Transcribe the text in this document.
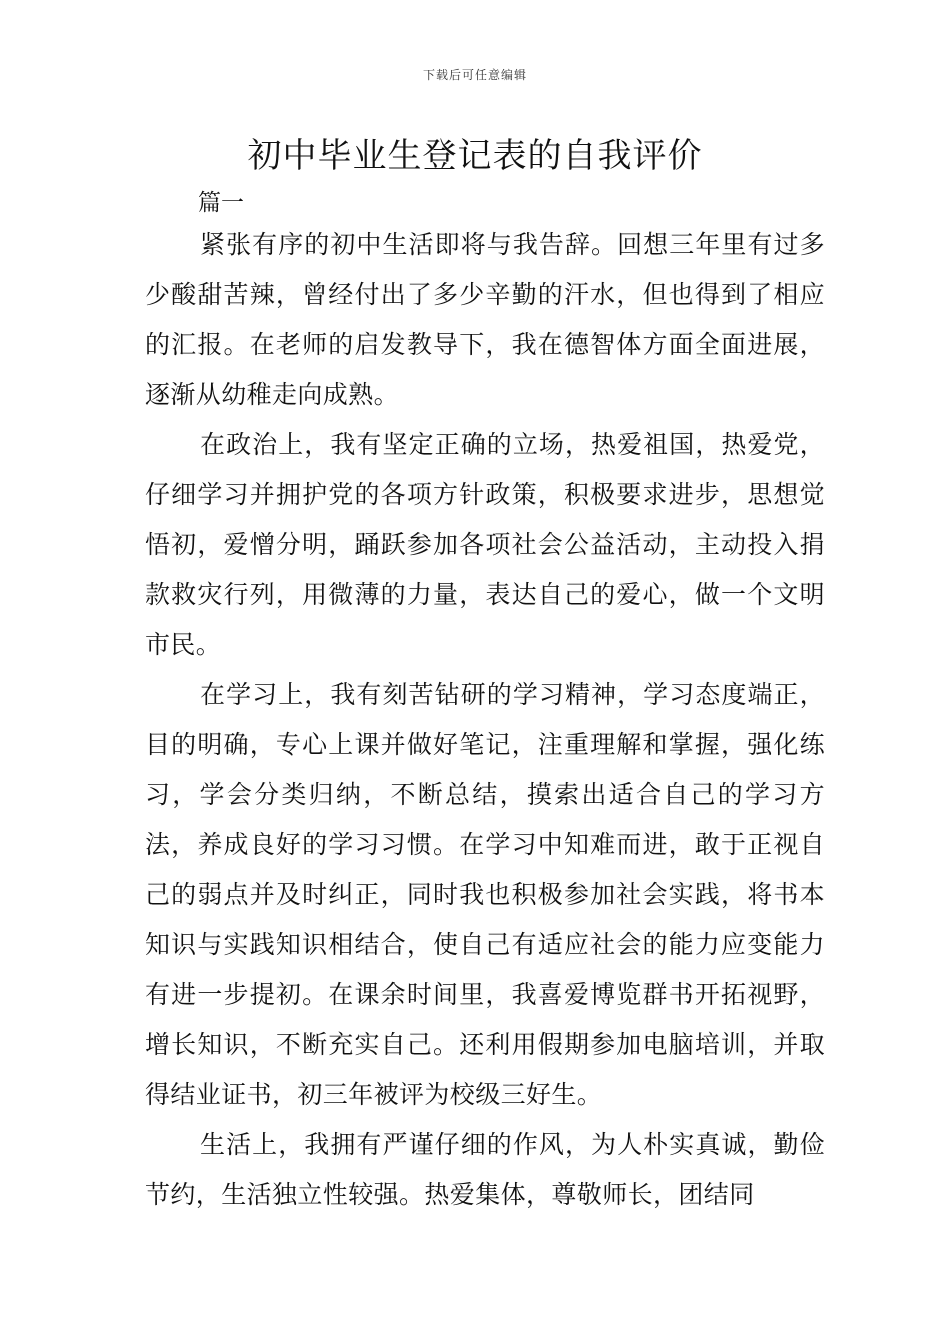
下载后可任意编辑
初中毕业生登记表的自我评价

篇一

紧张有序的初中生活即将与我告辞。回想三年里有过多少酸甜苦辣，曾经付出了多少辛勤的汗水，但也得到了相应的汇报。在老师的启发教导下，我在德智体方面全面进展，逐渐从幼稚走向成熟。

在政治上，我有坚定正确的立场，热爱祖国，热爱党，仔细学习并拥护党的各项方针政策，积极要求进步，思想觉悟初，爱憎分明，踊跃参加各项社会公益活动，主动投入捐款救灾行列，用微薄的力量，表达自己的爱心，做一个文明市民。

在学习上，我有刻苦钻研的学习精神，学习态度端正，目的明确，专心上课并做好笔记，注重理解和掌握，强化练习，学会分类归纳，不断总结，摸索出适合自己的学习方法，养成良好的学习习惯。在学习中知难而进，敢于正视自己的弱点并及时纠正，同时我也积极参加社会实践，将书本知识与实践知识相结合，使自己有适应社会的能力应变能力有进一步提初。在课余时间里，我喜爱博览群书开拓视野，增长知识，不断充实自己。还利用假期参加电脑培训，并取得结业证书，初三年被评为校级三好生。

生活上，我拥有严谨仔细的作风，为人朴实真诚，勤俭节约，生活独立性较强。热爱集体，尊敬师长，团结同
